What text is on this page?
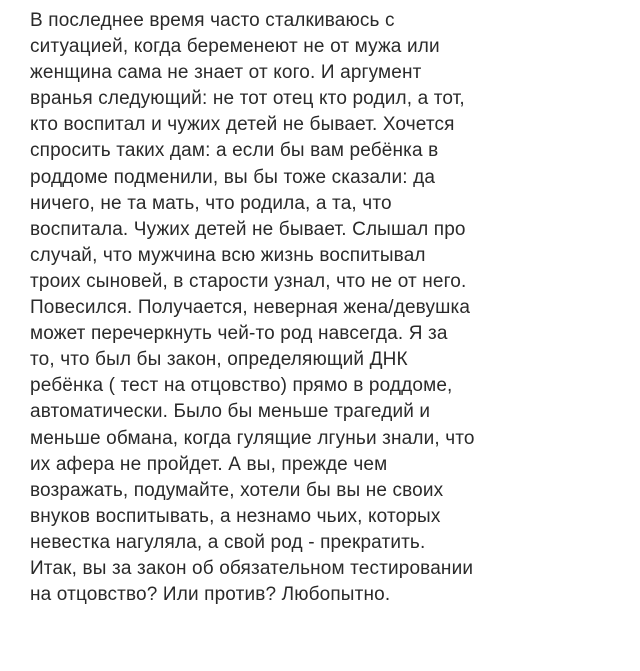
В последнее время часто сталкиваюсь с
ситуацией, когда беременеют не от мужа или
женщина сама не знает от кого. И аргумент
вранья следующий: не тот отец кто родил, а тот,
кто воспитал и чужих детей не бывает. Хочется
спросить таких дам: а если бы вам ребёнка в
роддоме подменили, вы бы тоже сказали: да
ничего, не та мать, что родила, а та, что
воспитала. Чужих детей не бывает. Слышал про
случай, что мужчина всю жизнь воспитывал
троих сыновей, в старости узнал, что не от него.
Повесился. Получается, неверная жена/девушка
может перечеркнуть чей-то род навсегда. Я за
то, что был бы закон, определяющий ДНК
ребёнка ( тест на отцовство) прямо в роддоме,
автоматически. Было бы меньше трагедий и
меньше обмана, когда гулящие лгуньи знали, что
их афера не пройдет. А вы, прежде чем
возражать, подумайте, хотели бы вы не своих
внуков воспитывать, а незнамо чьих, которых
невестка нагуляла, а свой род - прекратить.
Итак, вы за закон об обязательном тестировании
на отцовство? Или против? Любопытно.
